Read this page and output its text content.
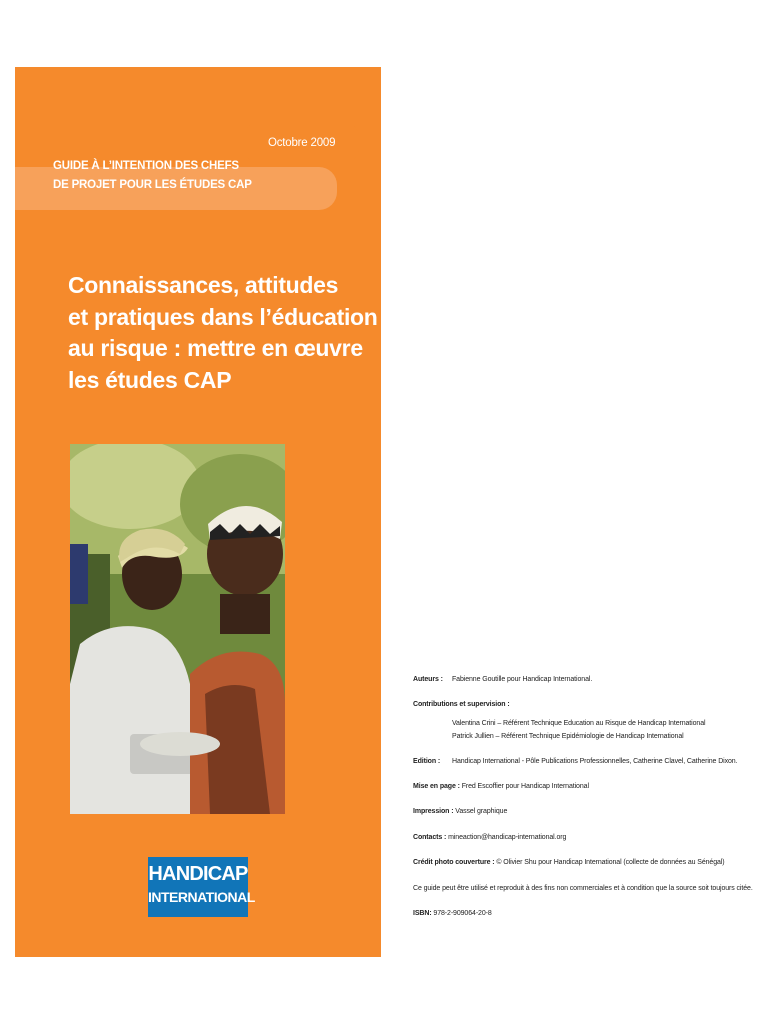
Octobre 2009
GUIDE À L’INTENTION DES CHEFS
DE PROJET POUR LES ÉTUDES CAP
Connaissances, attitudes
et pratiques dans l’éducation
au risque : mettre en œuvre
les études CAP
HANDICAP
INTERNATIONAL
Auteurs : Fabienne Goutille pour Handicap International.
Contributions et supervision :
Valentina Crini – Référent Technique Education au Risque de Handicap International
Patrick Jullien – Référent Technique Epidémiologie de Handicap International
Edition : Handicap International - Pôle Publications Professionnelles, Catherine Clavel, Catherine Dixon.
Mise en page : Fred Escoffier pour Handicap International
Impression : Vassel graphique
Contacts : mineaction@handicap-international.org
Crédit photo couverture : © Olivier Shu pour Handicap International (collecte de données au Sénégal)
Ce guide peut être utilisé et reproduit à des fins non commerciales et à condition que la source soit toujours citée.
ISBN: 978-2-909064-20-8
